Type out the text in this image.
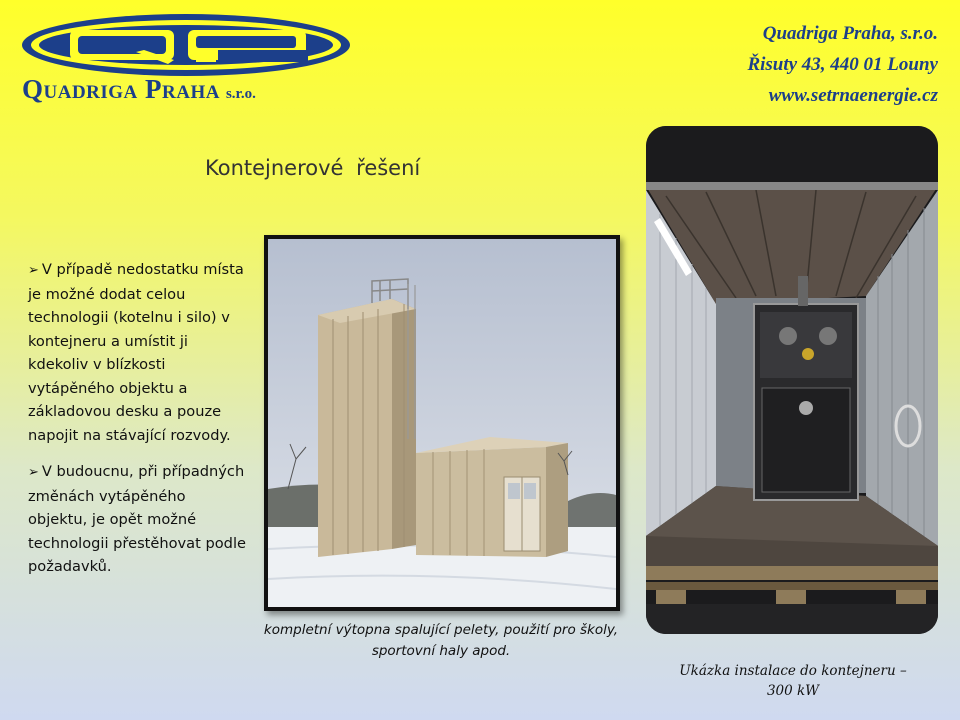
Quadriga Praha s.r.o.
Quadriga Praha, s.r.o.
Řisuty 43, 440 01 Louny
www.setrnaenergie.cz
Kontejnerové řešení

➢ V případě nedostatku místa je možné dodat celou technologii (kotelnu i silo) v kontejneru a umístit ji kdekoliv v blízkosti vytápěného objektu a základovou desku a pouze napojit na stávající rozvody.

➢ V budoucnu, při případných změnách vytápěného objektu, je opět možné technologii přestěhovat podle požadavků.

kompletní výtopna spalující pelety, použití pro školy,
sportovní haly apod.
Ukázka instalace do kontejneru –
300 kW
